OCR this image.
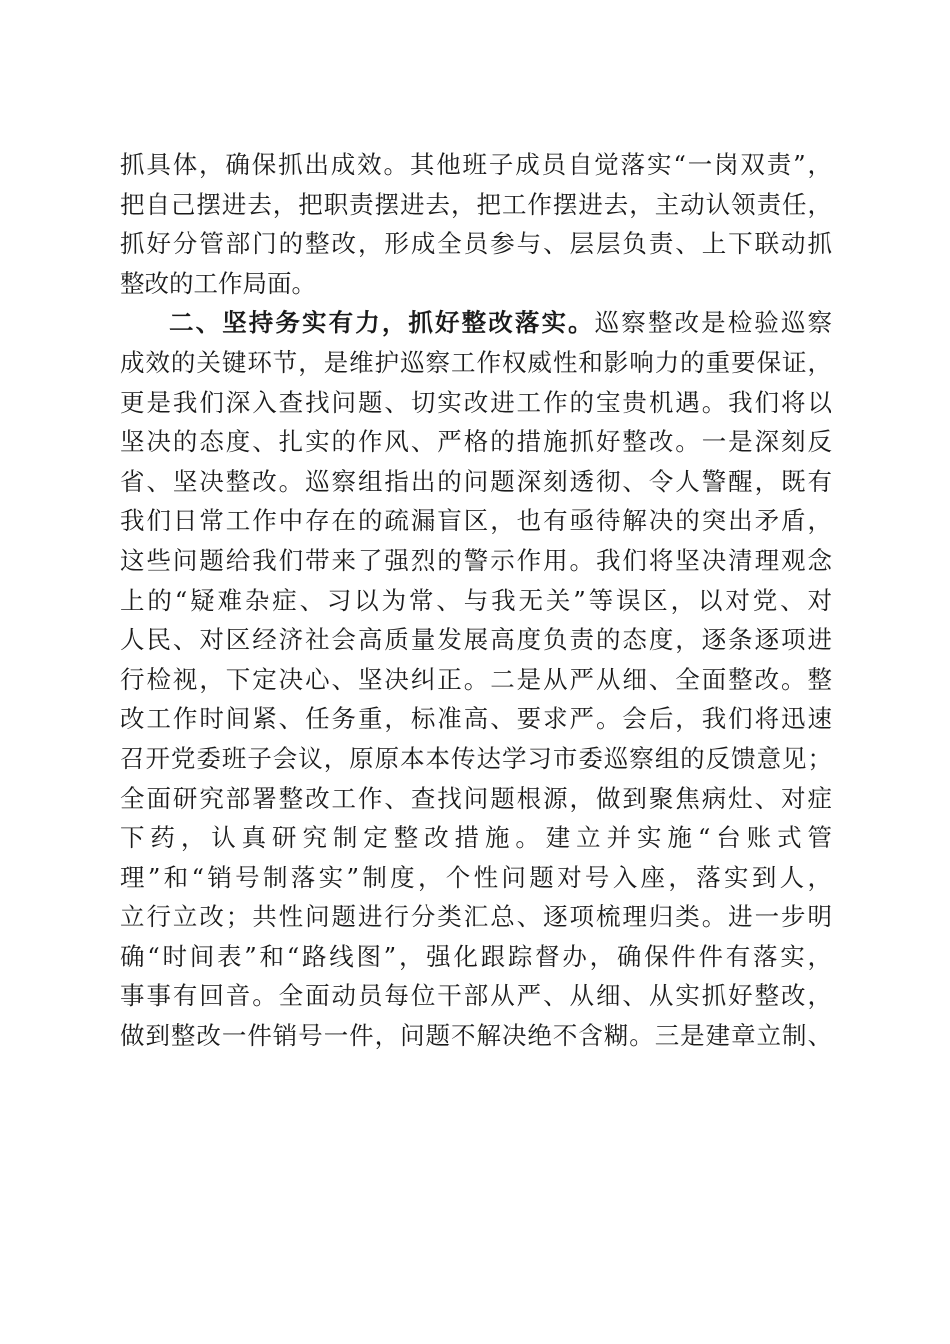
抓具体，确保抓出成效。其他班子成员自觉落实“一岗双责”，
把自己摆进去，把职责摆进去，把工作摆进去，主动认领责任，
抓好分管部门的整改，形成全员参与、层层负责、上下联动抓
整改的工作局面。
二、坚持务实有力，抓好整改落实。巡察整改是检验巡察
成效的关键环节，是维护巡察工作权威性和影响力的重要保证，
更是我们深入查找问题、切实改进工作的宝贵机遇。我们将以
坚决的态度、扎实的作风、严格的措施抓好整改。一是深刻反
省、坚决整改。巡察组指出的问题深刻透彻、令人警醒，既有
我们日常工作中存在的疏漏盲区，也有亟待解决的突出矛盾，
这些问题给我们带来了强烈的警示作用。我们将坚决清理观念
上的“疑难杂症、习以为常、与我无关”等误区，以对党、对
人民、对区经济社会高质量发展高度负责的态度，逐条逐项进
行检视，下定决心、坚决纠正。二是从严从细、全面整改。整
改工作时间紧、任务重，标准高、要求严。会后，我们将迅速
召开党委班子会议，原原本本传达学习市委巡察组的反馈意见；
全面研究部署整改工作、查找问题根源，做到聚焦病灶、对症
下药，认真研究制定整改措施。建立并实施“台账式管
理”和“销号制落实”制度，个性问题对号入座，落实到人，
立行立改；共性问题进行分类汇总、逐项梳理归类。进一步明
确“时间表”和“路线图”，强化跟踪督办，确保件件有落实，
事事有回音。全面动员每位干部从严、从细、从实抓好整改，
做到整改一件销号一件，问题不解决绝不含糊。三是建章立制、
